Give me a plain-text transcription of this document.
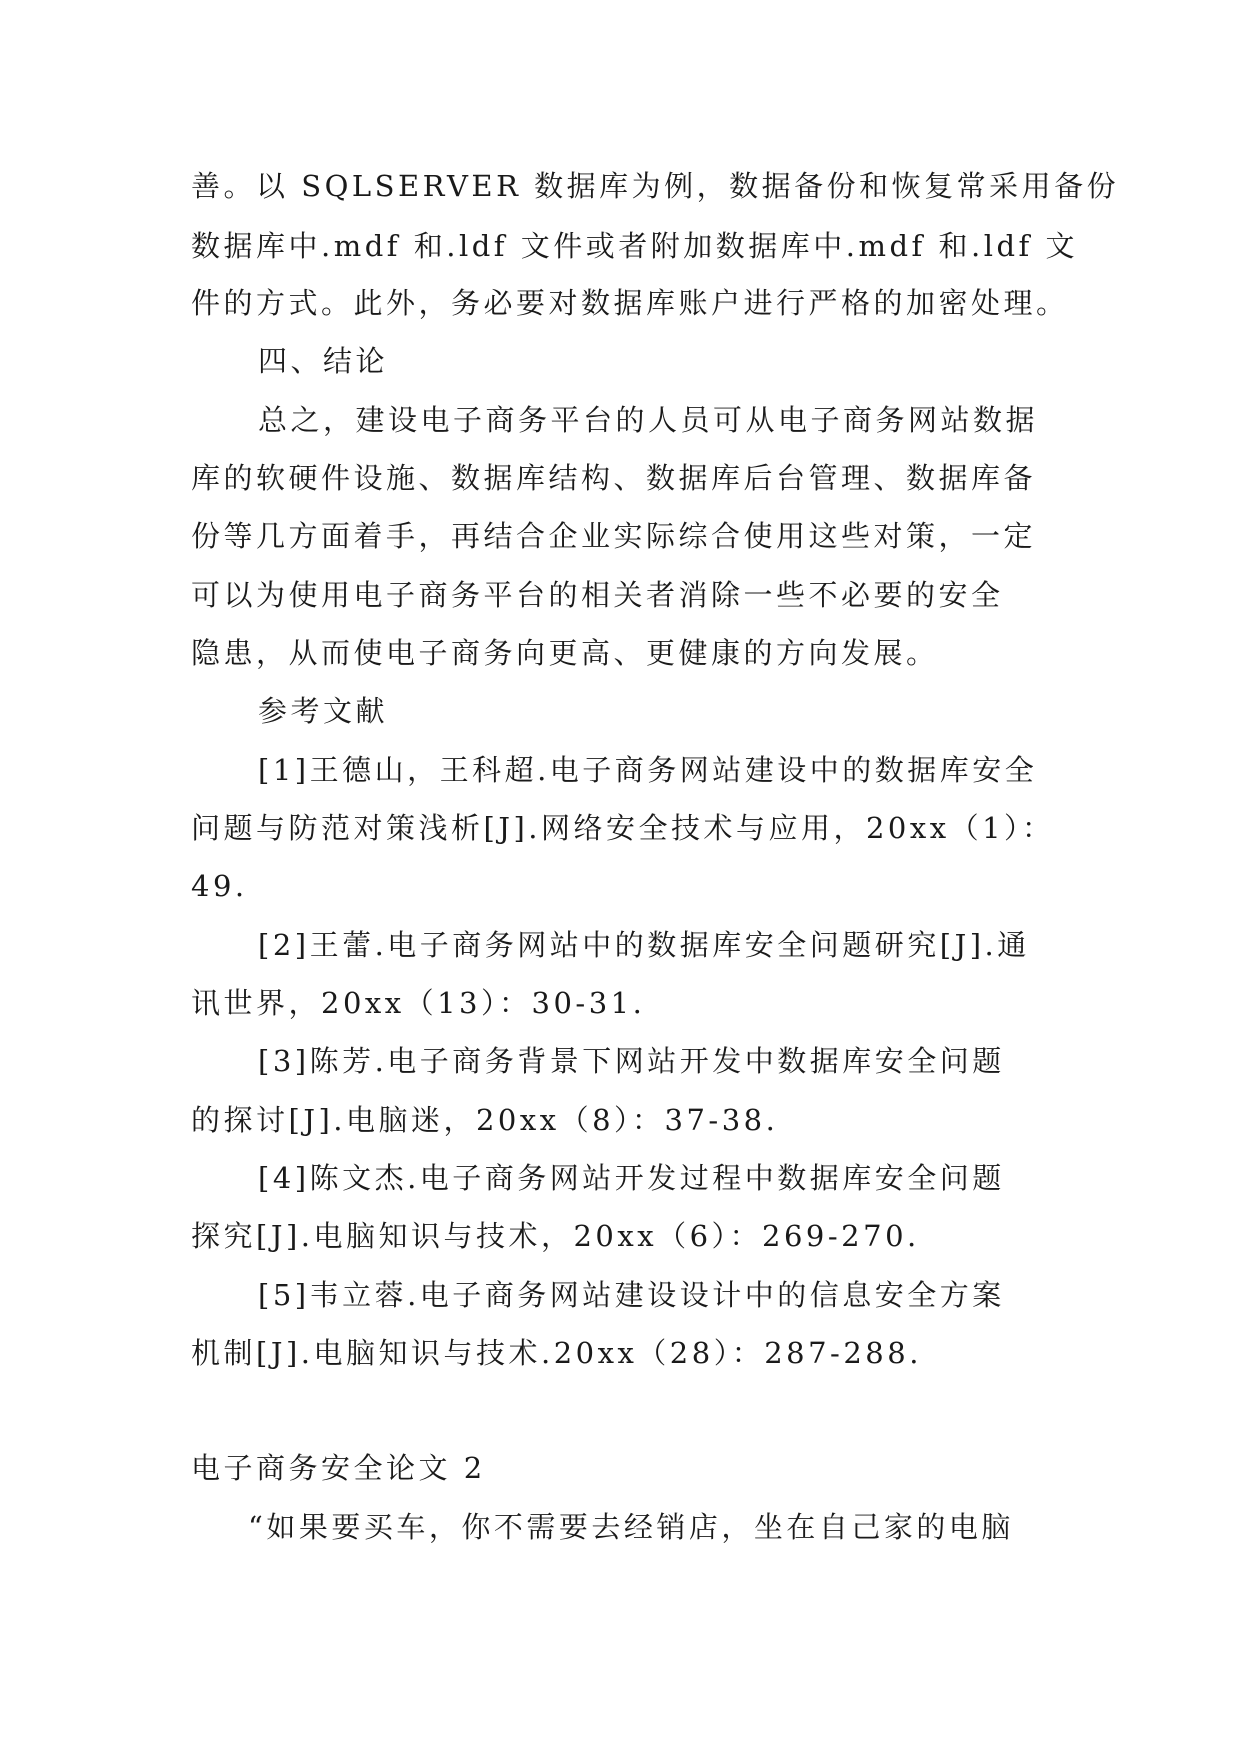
善。以 SQLSERVER 数据库为例，数据备份和恢复常采用备份
数据库中.mdf 和.ldf 文件或者附加数据库中.mdf 和.ldf 文
件的方式。此外，务必要对数据库账户进行严格的加密处理。
四、结论
总之，建设电子商务平台的人员可从电子商务网站数据
库的软硬件设施、数据库结构、数据库后台管理、数据库备
份等几方面着手，再结合企业实际综合使用这些对策，一定
可以为使用电子商务平台的相关者消除一些不必要的安全
隐患，从而使电子商务向更高、更健康的方向发展。
参考文献
[1]王德山，王科超.电子商务网站建设中的数据库安全
问题与防范对策浅析[J].网络安全技术与应用，20xx（1）：
49.
[2]王蕾.电子商务网站中的数据库安全问题研究[J].通
讯世界，20xx（13）：30-31.
[3]陈芳.电子商务背景下网站开发中数据库安全问题
的探讨[J].电脑迷，20xx（8）：37-38.
[4]陈文杰.电子商务网站开发过程中数据库安全问题
探究[J].电脑知识与技术，20xx（6）：269-270.
[5]韦立蓉.电子商务网站建设设计中的信息安全方案
机制[J].电脑知识与技术.20xx（28）：287-288.
电子商务安全论文 2
“如果要买车，你不需要去经销店，坐在自己家的电脑
